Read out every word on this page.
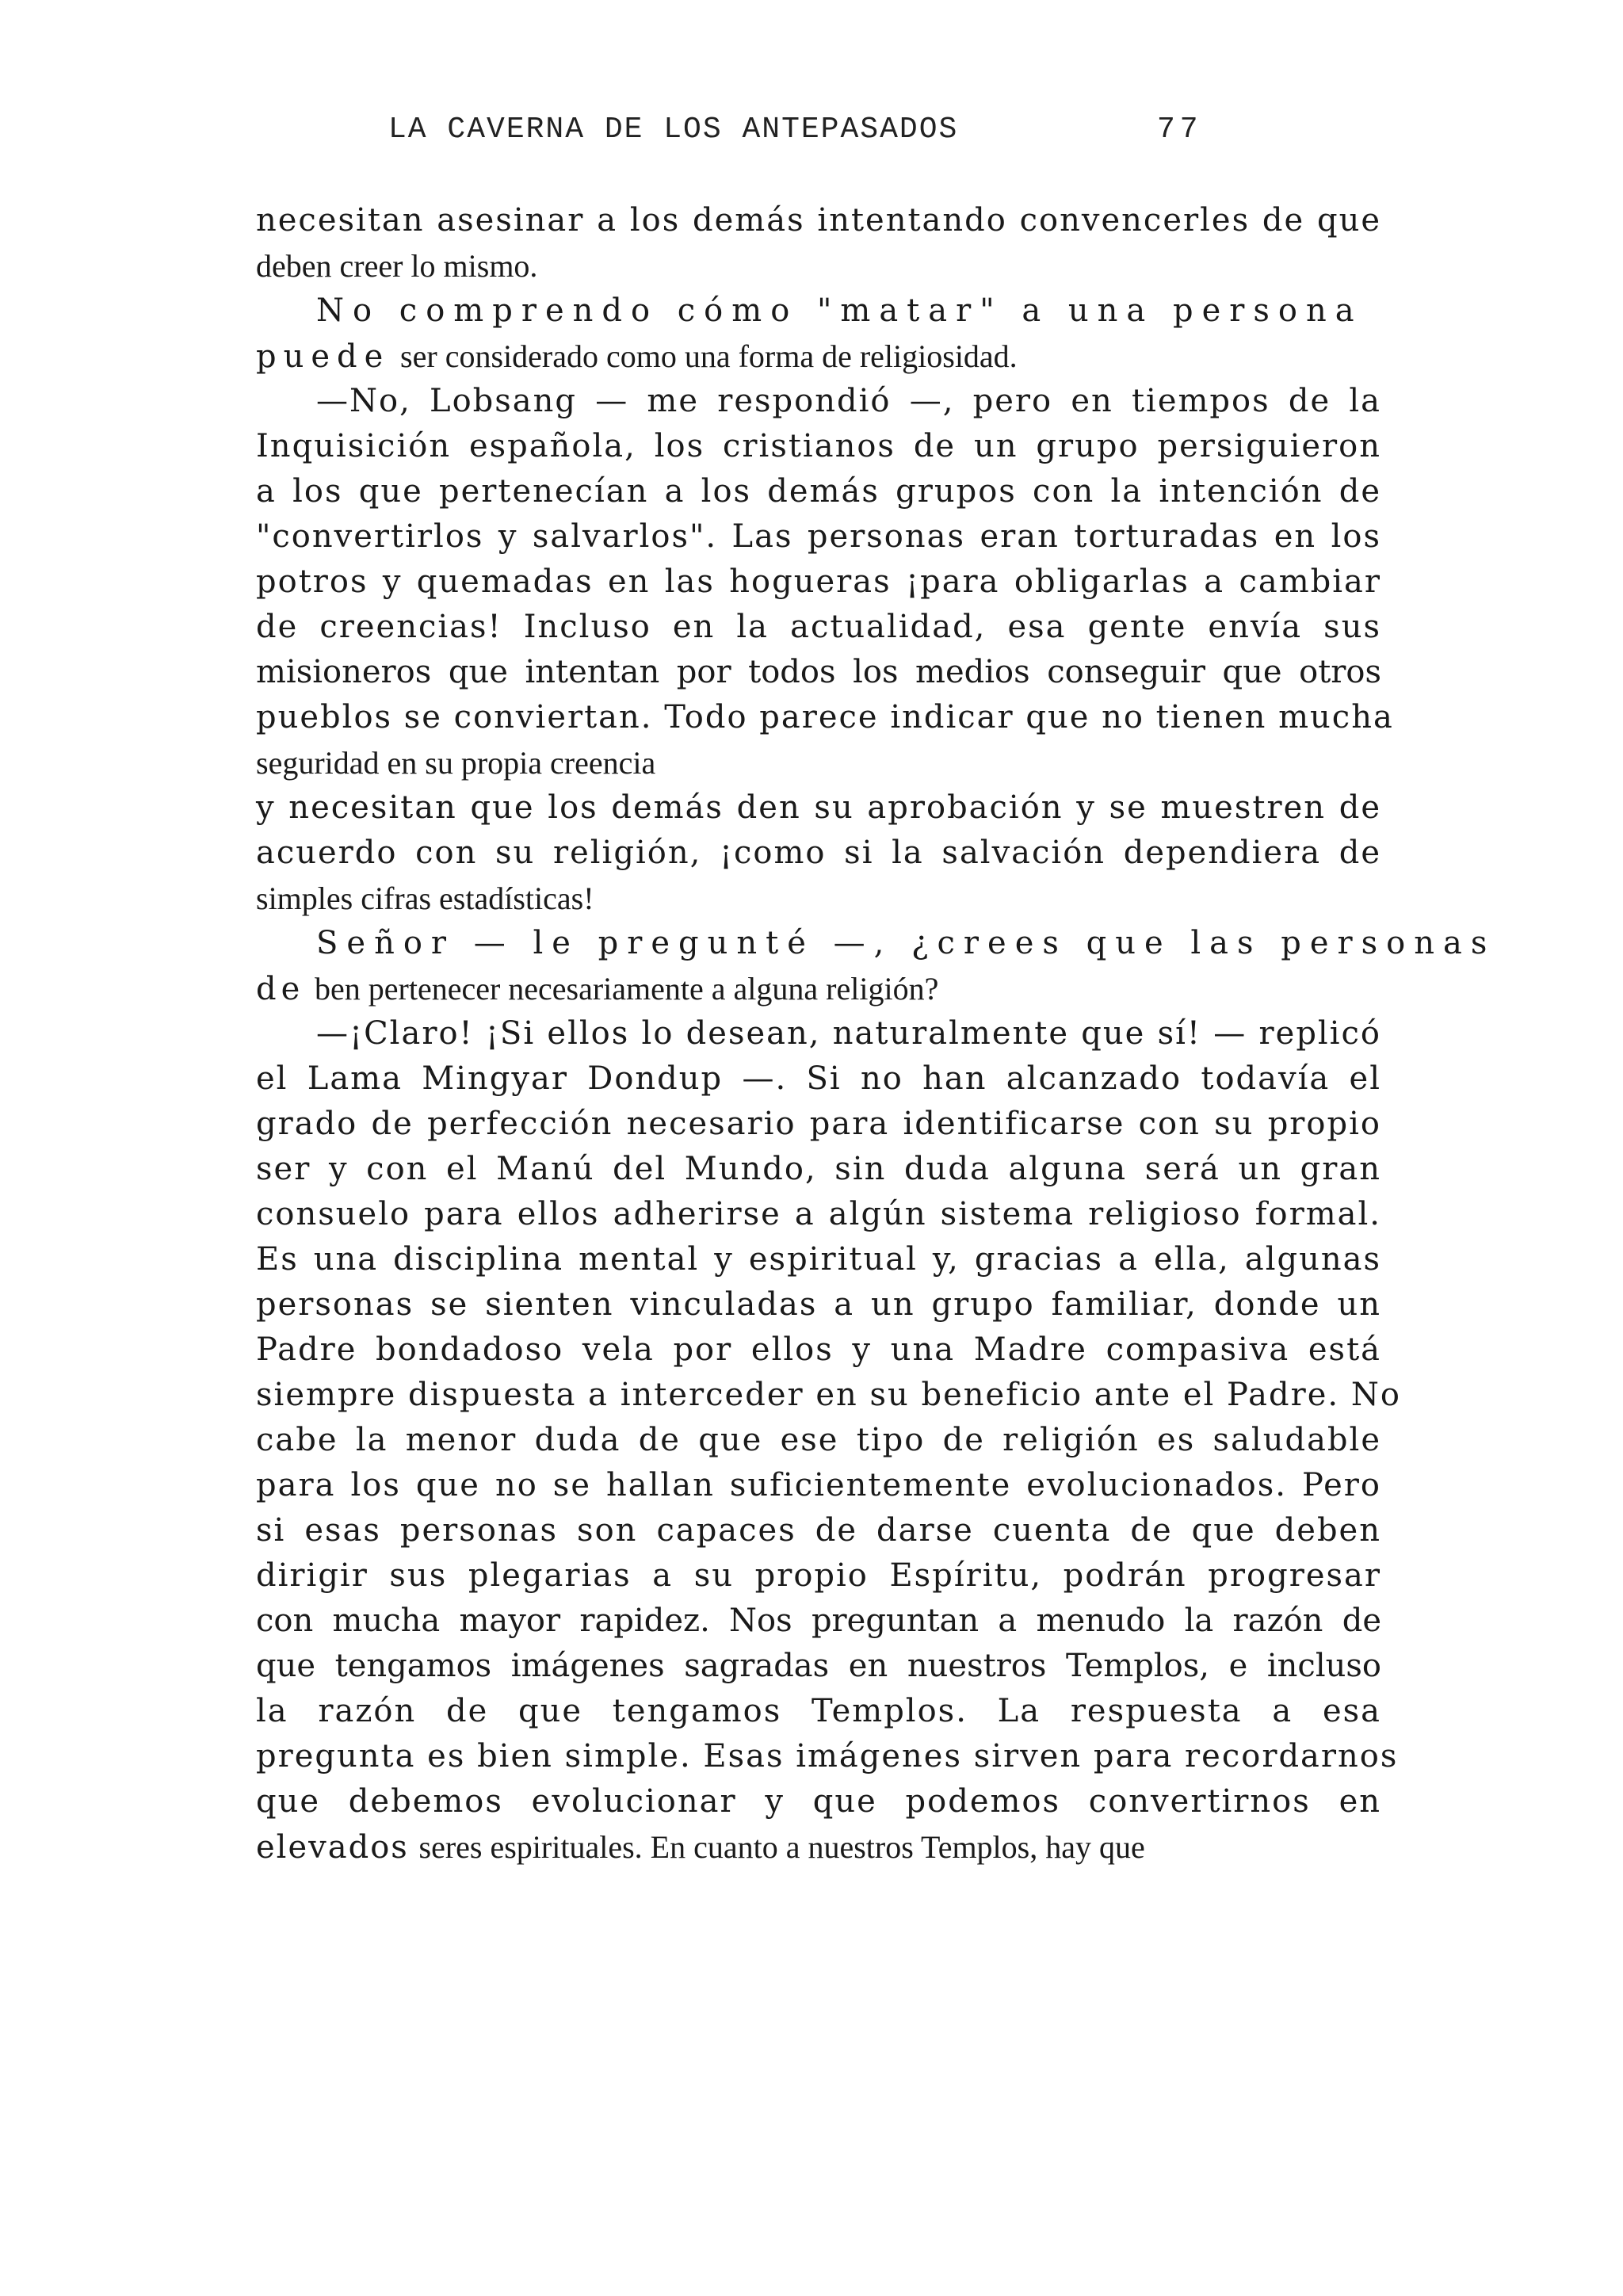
LA CAVERNA DE LOS ANTEPASADOS	77
necesitan asesinar a los demás intentando convencerles de que
deben creer lo mismo.
No comprendo cómo "matar" a una persona
puede ser considerado como una forma de religiosidad.
—No, Lobsang — me respondió —, pero en tiempos de la
Inquisición española, los cristianos de un grupo persiguieron
a los que pertenecían a los demás grupos con la intención de
"convertirlos y salvarlos". Las personas eran torturadas en los
potros y quemadas en las hogueras ¡para obligarlas a cambiar
de creencias! Incluso en la actualidad, esa gente envía sus
misioneros que intentan por todos los medios conseguir que otros
pueblos se conviertan. Todo parece indicar que no tienen mucha
seguridad en su propia creencia
y necesitan que los demás den su aprobación y se muestren de
acuerdo con su religión, ¡como si la salvación dependiera de
simples cifras estadísticas!
Señor — le pregunté —, ¿crees que las personas
de ben pertenecer necesariamente a alguna religión?
—¡Claro! ¡Si ellos lo desean, naturalmente que sí! — replicó
el Lama Mingyar Dondup —. Si no han alcanzado todavía el
grado de perfección necesario para identificarse con su propio
ser y con el Manú del Mundo, sin duda alguna será un gran
consuelo para ellos adherirse a algún sistema religioso formal.
Es una disciplina mental y espiritual y, gracias a ella, algunas
personas se sienten vinculadas a un grupo familiar, donde un
Padre bondadoso vela por ellos y una Madre compasiva está
siempre dispuesta a interceder en su beneficio ante el Padre. No
cabe la menor duda de que ese tipo de religión es saludable
para los que no se hallan suficientemente evolucionados. Pero
si esas personas son capaces de darse cuenta de que deben
dirigir sus plegarias a su propio Espíritu, podrán progresar
con mucha mayor rapidez. Nos preguntan a menudo la razón de
que tengamos imágenes sagradas en nuestros Templos, e incluso
la razón de que tengamos Templos. La respuesta a esa
pregunta es bien simple. Esas imágenes sirven para recordarnos
que debemos evolucionar y que podemos convertirnos en
elevados seres espirituales. En cuanto a nuestros Templos, hay que
